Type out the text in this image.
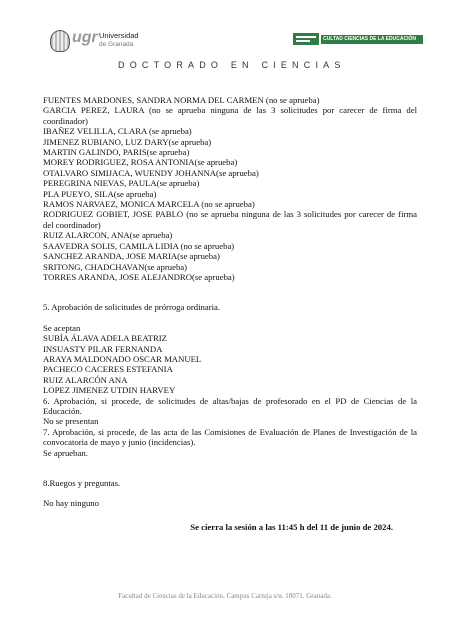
ugr Universidad
de Granada
CULTAD CIENCIAS DE LA EDUCACIÓN
DOCTORADO EN CIENCIAS
FUENTES MARDONES, SANDRA NORMA DEL CARMEN (no se aprueba)
GARCIA PEREZ, LAURA (no se aprueba ninguna de las 3 solicitudes por carecer de firma del
coordinador)
IBAÑEZ VELILLA, CLARA (se aprueba)
JIMENEZ RUBIANO, LUZ DARY(se aprueba)
MARTIN GALINDO, PARIS(se aprueba)
MOREY RODRIGUEZ, ROSA ANTONIA(se aprueba)
OTALVARO SIMIJACA, WUENDY JOHANNA(se aprueba)
PEREGRINA NIEVAS, PAULA(se aprueba)
PLA PUEYO, SILA(se aprueba)
RAMOS NARVAEZ, MONICA MARCELA (no se aprueba)
RODRIGUEZ GOBIET, JOSE PABLO (no se aprueba ninguna de las 3 solicitudes por carecer de firma
del coordinador)
RUIZ ALARCON, ANA(se aprueba)
SAAVEDRA SOLIS, CAMILA LIDIA (no se aprueba)
SANCHEZ ARANDA, JOSE MARIA(se aprueba)
SRITONG, CHADCHAVAN(se aprueba)
TORRES ARANDA, JOSE ALEJANDRO(se aprueba)
5. Aprobación de solicitudes de prórroga ordinaria.
Se aceptan
SUBÍA ÁLAVA ADELA BEATRIZ
INSUASTY PILAR FERNANDA
ARAYA MALDONADO OSCAR MANUEL
PACHECO CACERES ESTEFANIA
RUIZ ALARCÓN ANA
LOPEZ JIMENEZ UTDIN HARVEY
6. Aprobación, si procede, de solicitudes de altas/bajas de profesorado en el PD de Ciencias de la
Educación.
No se presentan
7. Aprobación, si procede, de las acta de las Comisiones de Evaluación de Planes de Investigación de la
convocatoria de mayo y junio (incidencias).
Se aprueban.
8.Ruegos y preguntas.
No hay ninguno
Se cierra la sesión a las 11:45 h del 11 de junio de 2024.
Facultad de Ciencias de la Educación. Campus Cartuja s/n. 18071. Granada.
